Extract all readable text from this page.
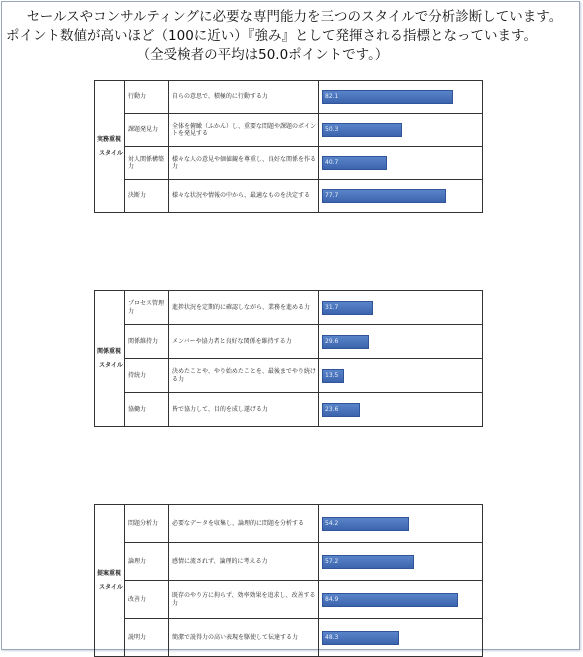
セールスやコンサルティングに必要な専門能力を三つのスタイルで分析診断しています。
ポイント数値が高いほど（100に近い）『強み』として発揮される指標となっています。
（全受検者の平均は50.0ポイントです。）
実務重視
スタイル	行動力	自らの意思で、積極的に行動する力	82.1

	課題発見力	全体を俯瞰（ふかん）し、重要な問題や課題のポイントを発見する	50.3

	対人関係構築力	様々な人の意見や価値観を尊重し、良好な関係を作る力	40.7

	決断力	様々な状況や情報の中から、最適なものを決定する	77.7
関係重視
スタイル	プロセス管理力	進捗状況を定期的に確認しながら、業務を進める力	31.7

	関係維持力	メンバーや協力者と良好な関係を維持する力	29.6

	持続力	決めたことや、やり始めたことを、最後までやり続ける力	13.5

	協働力	皆で協力して、目的を成し遂げる力	23.6
提案重視
スタイル	問題分析力	必要なデータを収集し、論理的に問題を分析する	54.2

	論理力	感情に流されず、論理的に考える力	57.2

	改善力	既存のやり方に拘らず、効率効果を追求し、改善する力	84.9

	説明力	簡潔で説得力の高い表現を駆使して伝達する力	48.3
